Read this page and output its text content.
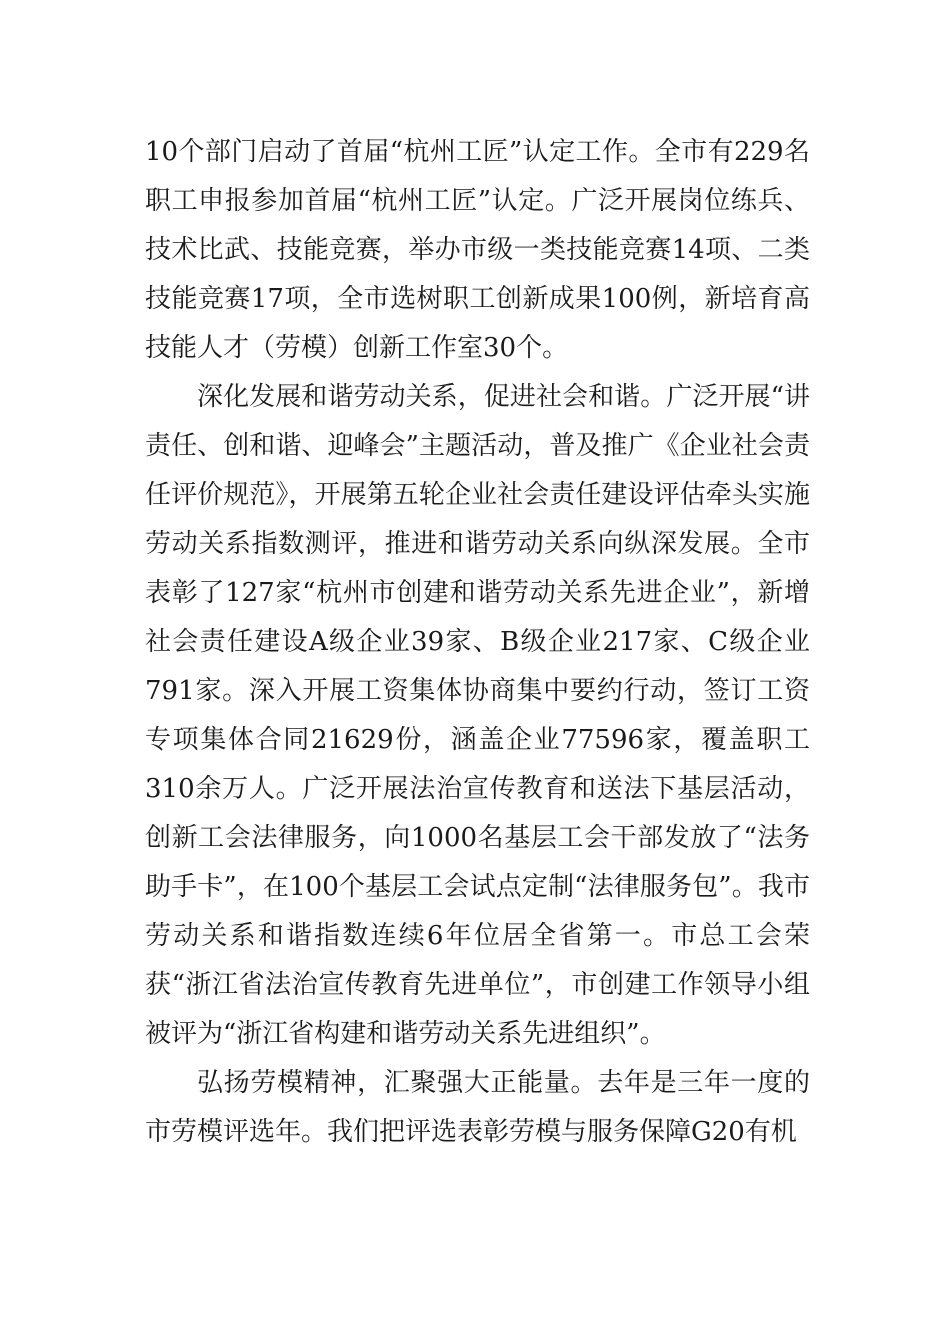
10个部门启动了首届“杭州工匠”认定工作。全市有229名职工申报参加首届“杭州工匠”认定。广泛开展岗位练兵、技术比武、技能竞赛，举办市级一类技能竞赛14项、二类技能竞赛17项，全市选树职工创新成果100例，新培育高技能人才（劳模）创新工作室30个。

深化发展和谐劳动关系，促进社会和谐。广泛开展“讲责任、创和谐、迎峰会”主题活动，普及推广《企业社会责任评价规范》，开展第五轮企业社会责任建设评估牵头实施劳动关系指数测评，推进和谐劳动关系向纵深发展。全市表彰了127家“杭州市创建和谐劳动关系先进企业”，新增社会责任建设A级企业39家、B级企业217家、C级企业791家。深入开展工资集体协商集中要约行动，签订工资专项集体合同21629份，涵盖企业77596家，覆盖职工310余万人。广泛开展法治宣传教育和送法下基层活动，创新工会法律服务，向1000名基层工会干部发放了“法务助手卡”，在100个基层工会试点定制“法律服务包”。我市劳动关系和谐指数连续6年位居全省第一。市总工会荣获“浙江省法治宣传教育先进单位”，市创建工作领导小组被评为“浙江省构建和谐劳动关系先进组织”。

弘扬劳模精神，汇聚强大正能量。去年是三年一度的市劳模评选年。我们把评选表彰劳模与服务保障G20有机
